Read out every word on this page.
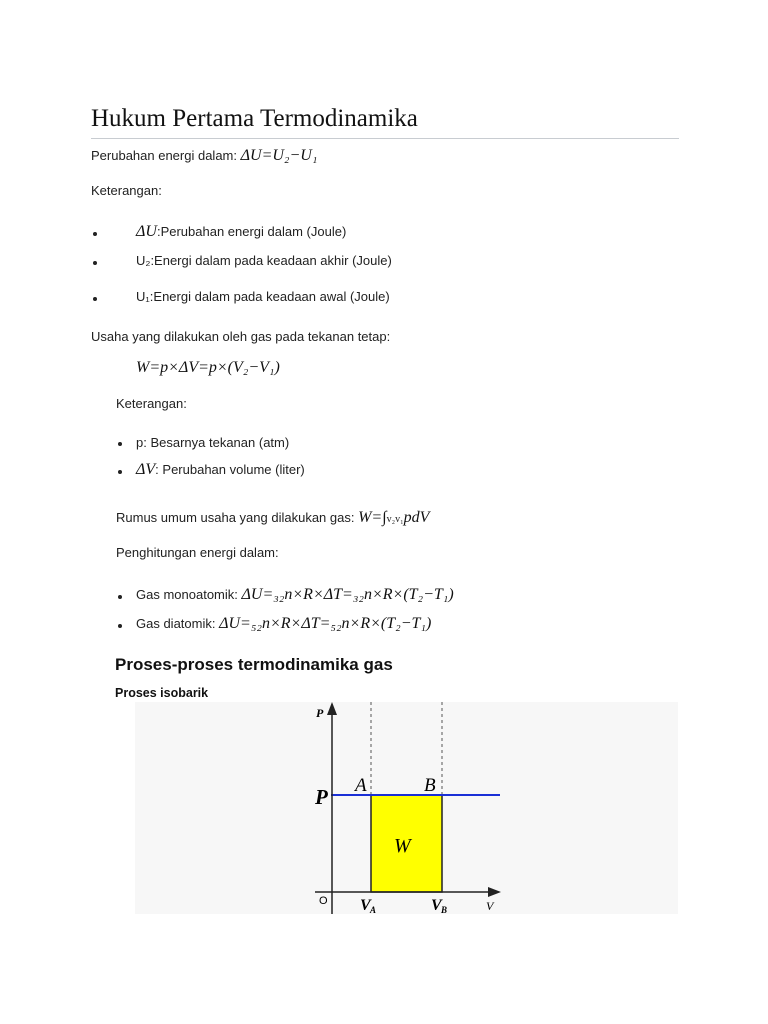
Hukum Pertama Termodinamika
Perubahan energi dalam: ΔU=U₂−U₁
Keterangan:
ΔU:Perubahan energi dalam (Joule)
U₂:Energi dalam pada keadaan akhir (Joule)
U₁:Energi dalam pada keadaan awal (Joule)
Usaha yang dilakukan oleh gas pada tekanan tetap:
W=p×ΔV=p×(V₂−V₁)
Keterangan:
p: Besarnya tekanan (atm)
ΔV: Perubahan volume (liter)
Rumus umum usaha yang dilakukan gas: W=∫v₂v₁pdV
Penghitungan energi dalam:
Gas monoatomik: ΔU=₃₂n×R×ΔT=₃₂n×R×(T₂−T₁)
Gas diatomik: ΔU=₅₂n×R×ΔT=₅₂n×R×(T₂−T₁)
Proses-proses termodinamika gas
Proses isobarik
P
V
O
P A	B
W
V A	V B
